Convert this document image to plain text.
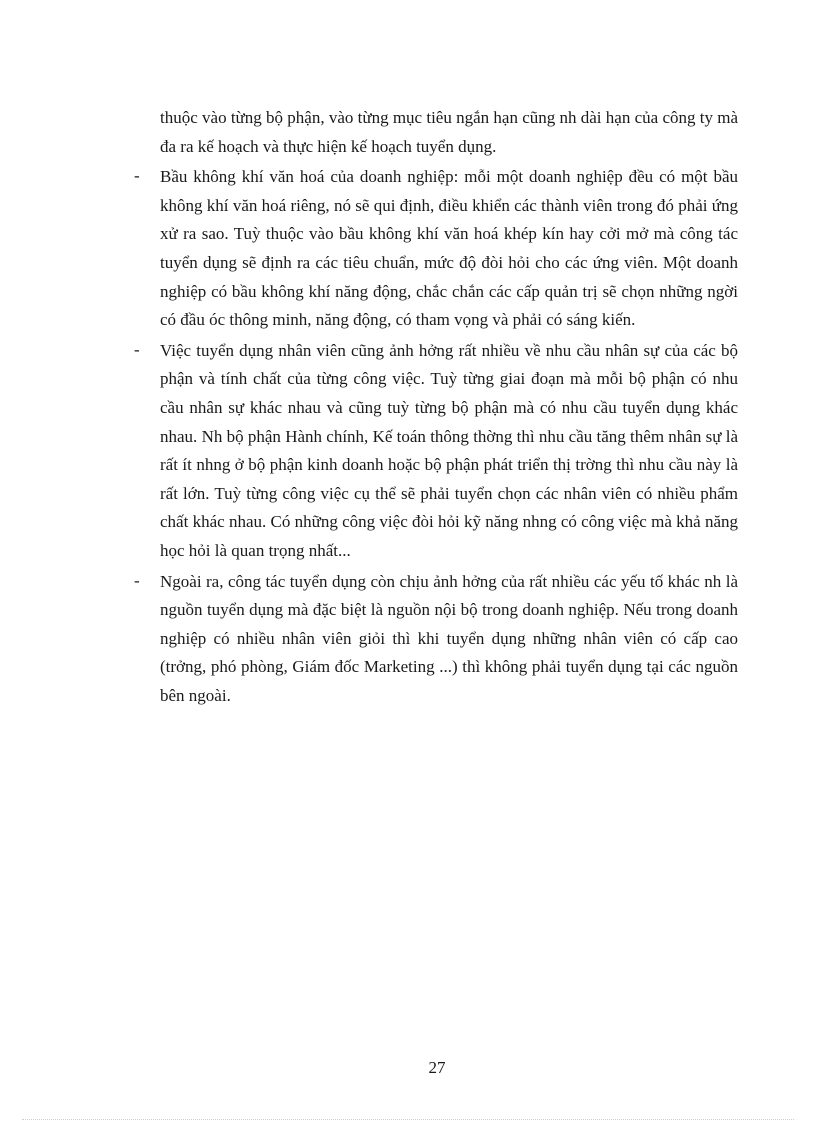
thuộc vào từng bộ phận, vào từng mục tiêu ngắn hạn cũng nh dài hạn của công ty mà đa ra kế hoạch và thực hiện kế hoạch tuyển dụng.

- Bầu không khí văn hoá của doanh nghiệp: mỗi một doanh nghiệp đều có một bầu không khí văn hoá riêng, nó sẽ qui định, điều khiển các thành viên trong đó phải ứng xử ra sao. Tuỳ thuộc vào bầu không khí văn hoá khép kín hay cởi mở mà công tác tuyển dụng sẽ định ra các tiêu chuẩn, mức độ đòi hỏi cho các ứng viên. Một doanh nghiệp có bầu không khí năng động, chắc chắn các cấp quản trị sẽ chọn những ngời có đầu óc thông minh, năng động, có tham vọng và phải có sáng kiến.

- Việc tuyển dụng nhân viên cũng ảnh hởng rất nhiều về nhu cầu nhân sự của các bộ phận và tính chất của từng công việc. Tuỳ từng giai đoạn mà mỗi bộ phận có nhu cầu nhân sự khác nhau và cũng tuỳ từng bộ phận mà có nhu cầu tuyển dụng khác nhau. Nh bộ phận Hành chính, Kế toán thông thờng thì nhu cầu tăng thêm nhân sự là rất ít nhng ở bộ phận kinh doanh hoặc bộ phận phát triển thị trờng thì nhu cầu này là rất lớn. Tuỳ từng công việc cụ thể sẽ phải tuyển chọn các nhân viên có nhiều phẩm chất khác nhau. Có những công việc đòi hỏi kỹ năng nhng có công việc mà khả năng học hỏi là quan trọng nhất...

- Ngoài ra, công tác tuyển dụng còn chịu ảnh hởng của rất nhiều các yếu tố khác nh là nguồn tuyển dụng mà đặc biệt là nguồn nội bộ trong doanh nghiệp. Nếu trong doanh nghiệp có nhiều nhân viên giỏi thì khi tuyển dụng những nhân viên có cấp cao (trởng, phó phòng, Giám đốc Marketing ...) thì không phải tuyển dụng tại các nguồn bên ngoài.

27
